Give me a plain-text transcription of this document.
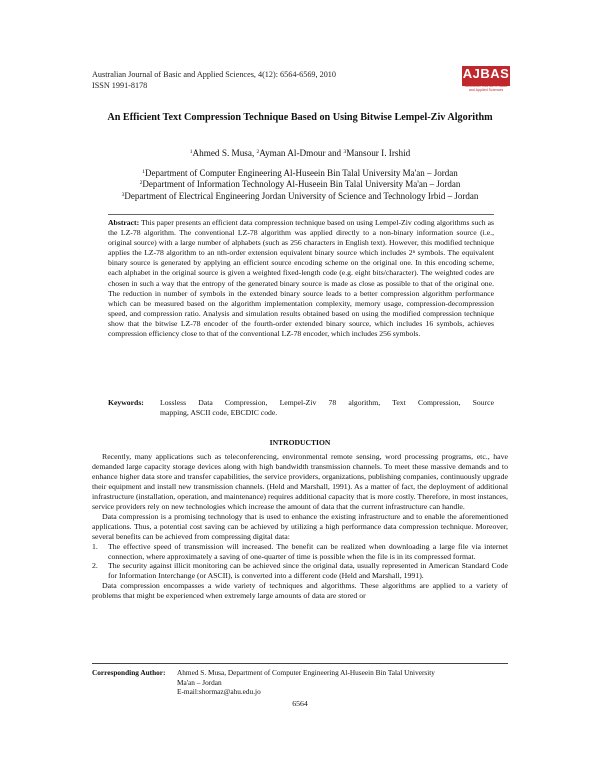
Australian Journal of Basic and Applied Sciences, 4(12): 6564-6569, 2010
ISSN 1991-8178
AJBAS
Australian Journal of Basic and Applied Sciences
An Efficient Text Compression Technique Based on Using Bitwise Lempel-Ziv Algorithm
$^1$Ahmed S. Musa, $^2$Ayman Al-Dmour and $^3$Mansour I. Irshid
$^1$Department of Computer Engineering Al-Huseein Bin Talal University Ma'an – Jordan
$^2$Department of Information Technology Al-Huseein Bin Talal University Ma'an – Jordan
$^3$Department of Electrical Engineering Jordan University of Science and Technology Irbid – Jordan

Abstract: This paper presents an efficient data compression technique based on using Lempel-Ziv coding algorithms such as the LZ-78 algorithm. The conventional LZ-78 algorithm was applied directly to a non-binary information source (i.e., original source) with a large number of alphabets (such as 256 characters in English text). However, this modified technique applies the LZ-78 algorithm to an nth-order extension equivalent binary source which includes 2ⁿ symbols. The equivalent binary source is generated by applying an efficient source encoding scheme on the original one. In this encoding scheme, each alphabet in the original source is given a weighted fixed-length code (e.g. eight bits/character). The weighted codes are chosen in such a way that the entropy of the generated binary source is made as close as possible to that of the original one. The reduction in number of symbols in the extended binary source leads to a better compression algorithm performance which can be measured based on the algorithm implementation complexity, memory usage, compression-decompression speed, and compression ratio. Analysis and simulation results obtained based on using the modified compression technique show that the bitwise LZ-78 encoder of the fourth-order extended binary source, which includes 16 symbols, achieves compression efficiency close to that of the conventional LZ-78 encoder, which includes 256 symbols.

Keywords: Lossless Data Compression, Lempel-Ziv 78 algorithm, Text Compression, Source
mapping, ASCII code, EBCDIC code.
INTRODUCTION

Recently, many applications such as teleconferencing, environmental remote sensing, word processing programs, etc., have demanded large capacity storage devices along with high bandwidth transmission channels. To meet these massive demands and to enhance higher data store and transfer capabilities, the service providers, organizations, publishing companies, continuously upgrade their equipment and install new transmission channels. (Held and Marshall, 1991). As a matter of fact, the deployment of additional infrastructure (installation, operation, and maintenance) requires additional capacity that is more costly. Therefore, in most instances, service providers rely on new technologies which increase the amount of data that the current infrastructure can handle.

Data compression is a promising technology that is used to enhance the existing infrastructure and to enable the aforementioned applications. Thus, a potential cost saving can be achieved by utilizing a high performance data compression technique. Moreover, several benefits can be achieved from compressing digital data:

1. The effective speed of transmission will increased. The benefit can be realized when downloading a large file via internet connection, where approximately a saving of one-quarter of time is possible when the file is in its compressed format.
2. The security against illicit monitoring can be achieved since the original data, usually represented in American Standard Code for Information Interchange (or ASCII), is converted into a different code (Held and Marshall, 1991).

Data compression encompasses a wide variety of techniques and algorithms. These algorithms are applied to a variety of problems that might be experienced when extremely large amounts of data are stored or

Corresponding Author: Ahmed S. Musa, Department of Computer Engineering Al-Huseein Bin Talal University
Ma'an – Jordan
E-mail:shormaz@ahu.edu.jo
6564
